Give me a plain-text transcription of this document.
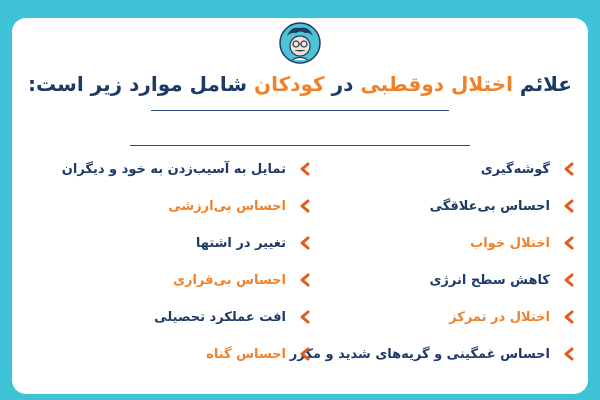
علائم اختلال دوقطبی در کودکان شامل موارد زیر است:
گوشه‌گیری
احساس بی‌علاقگی
اختلال خواب
کاهش سطح انرژی
اختلال در تمرکز
احساس غمگینی و گریه‌های شدید و مکرر
تمایل به آسیب‌زدن به خود و دیگران
احساس بی‌ارزشی
تغییر در اشتها
احساس بی‌قراری
افت عملکرد تحصیلی
احساس گناه
